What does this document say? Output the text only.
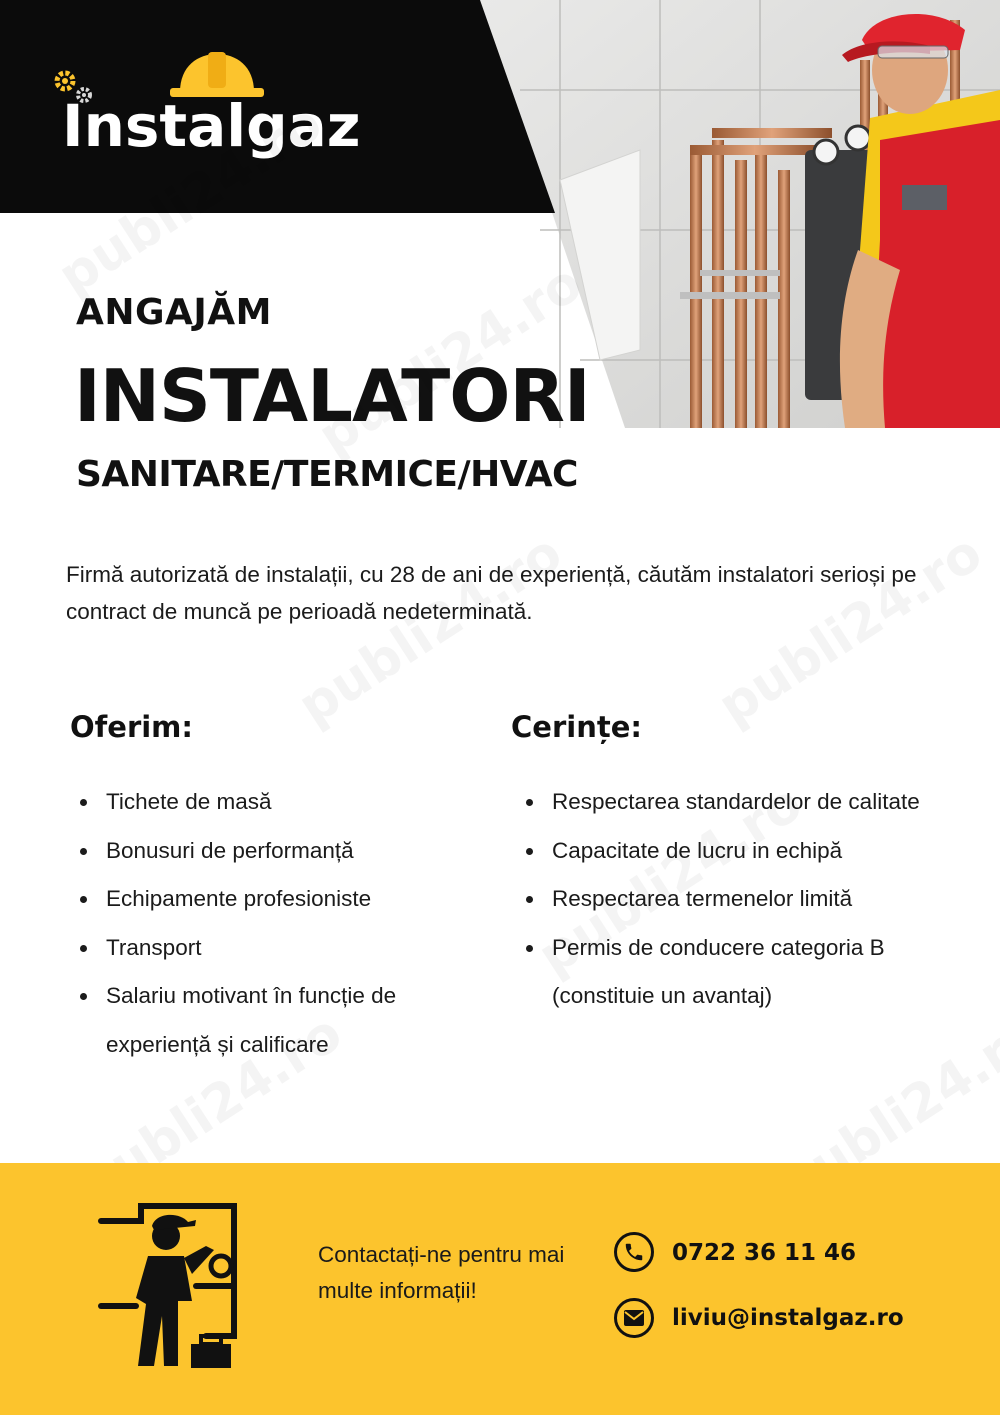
Instalgaz
ANGAJĂM
INSTALATORI
SANITARE/TERMICE/HVAC
Firmă autorizată de instalații, cu 28 de ani de experiență, căutăm instalatori serioși pe contract de muncă pe perioadă nedeterminată.
Oferim:
Tichete de masă
Bonusuri de performanță
Echipamente profesioniste
Transport
Salariu motivant în funcție de experiență și calificare
Cerințe:
Respectarea standardelor de calitate
Capacitate de lucru in echipă
Respectarea termenelor limită
Permis de conducere categoria B (constituie un avantaj)
Contactați-ne pentru mai multe informații!
0722 36 11 46
liviu@instalgaz.ro
